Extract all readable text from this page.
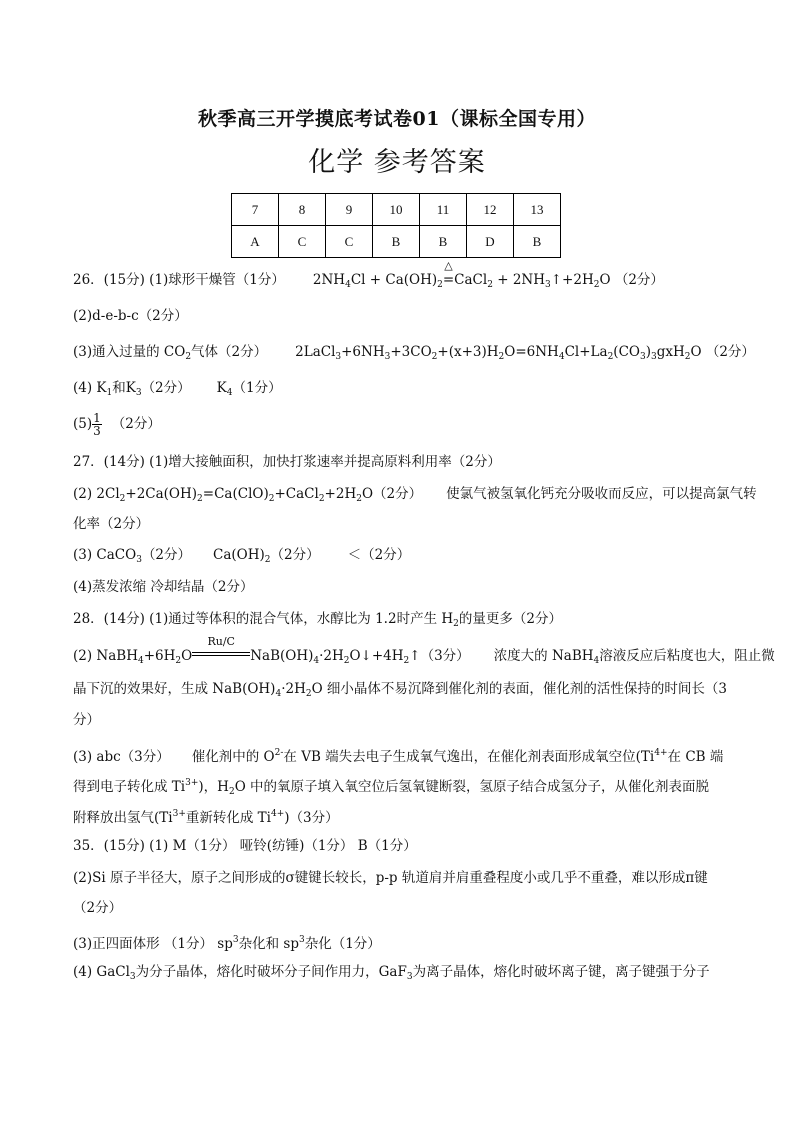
秋季高三开学摸底考试卷01（课标全国专用）
化学 参考答案
7	8	9	10	11	12	13
A	C	C	B	B	D	B
26．(15分) (1)球形干燥管（1分） $2NH_4Cl + Ca(OH)_2$
△
=CaCl$_2$ + $2NH_3↑+2H_2O$ （2分）
(2)d-e-b-c（2分）
(3)通入过量的 $CO_2$气体（2分） $2LaCl_3+6NH_3+3CO_2+(x+3)H_2O=6NH_4Cl+La_2(CO_3)_3gxH_2O$ （2分）
(4) $K_1$和$K_3(2$分） $K_4(1$分）
$(5) \frac{1}{3} (2$分）
27．(14分) (1)增大接触面积，加快打浆速率并提高原料利用率（2分）
(2) $2Cl_2+2Ca(OH)_2=Ca(ClO)_2+CaCl_2+2H_2O(2$分） 使氯气被氢氧化钙充分吸收而反应，可以提高氯气转
化率（2分）
(3) CaCO$_3$（2分） $Ca(OH)_2(2$分） ＜（2分）
(4)蒸发浓缩 冷却结晶（2分）
28．(14分) (1)通过等体积的混合气体，水醇比为 1.2时产生 $H_2$的量更多（2分）
(2) $NaBH_4+6H_2O$
Ru/C
$NaB(OH)_4\cdot 2H_2O↓+4H_2↑(3$分） 浓度大的 NaBH$_4$溶液反应后粘度也大，阻止微
晶下沉的效果好，生成 $NaB(OH)_4\cdot 2H_2O$ 细小晶体不易沉降到催化剂的表面，催化剂的活性保持的时间长（3
分）
(3) abc（3分） 催化剂中的 $O^{2-}$在 VB 端失去电子生成氧气逸出，在催化剂表面形成氧空位($Ti^{4+}$在 CB 端
得到电子转化成 $Ti^{3+}$)，$H_2O$ 中的氧原子填入氧空位后氢氧键断裂，氢原子结合成氢分子，从催化剂表面脱
附释放出氢气($Ti^{3+}$重新转化成 $Ti^{4+})(3$分）
35．(15分) (1) M（1分） 哑铃(纺锤)（1分） B（1分）
(2)Si 原子半径大，原子之间形成的σ键键长较长，p-p 轨道肩并肩重叠程度小或几乎不重叠，难以形成π键
（2分）
(3)正四面体形 （1分） $sp^3$杂化和 $sp^3$杂化（1分）
(4) GaCl$_3$为分子晶体，熔化时破坏分子间作用力，GaF$_3$为离子晶体，熔化时破坏离子键，离子键强于分子
